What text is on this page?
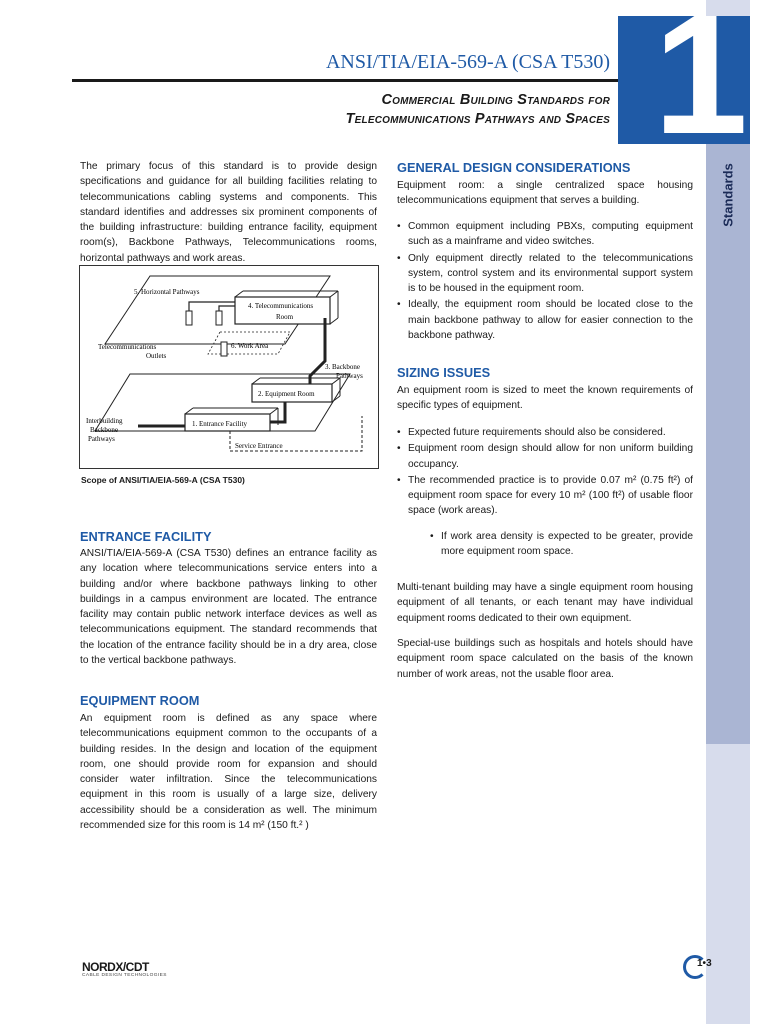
1
Standards
ANSI/TIA/EIA-569-A (CSA T530)
Commercial Building Standards for
Telecommunications Pathways and Spaces
The primary focus of this standard is to provide design specifications and guidance for all building facilities relating to telecommunications cabling systems and components. This standard identifies and addresses six prominent components of the building infrastructure: building entrance facility, equipment room(s), Backbone Pathways, Telecommunications rooms, horizontal pathways and work areas.
5. Horizontal Pathways
4. Telecommunications
Room
Telecommunications
Outlets
6. Work Area
3. Backbone
Pathways
2. Equipment Room
Interbuilding
Backbone
Pathways
1. Entrance Facility
Service Entrance
Scope of ANSI/TIA/EIA-569-A (CSA T530)
ENTRANCE FACILITY
ANSI/TIA/EIA-569-A (CSA T530) defines an entrance facility as any location where telecommunications service enters into a building and/or where backbone pathways linking to other buildings in a campus environment are located. The entrance facility may contain public network interface devices as well as telecommunications equipment. The standard recommends that the location of the entrance facility should be in a dry area, close to the vertical backbone pathways.
EQUIPMENT ROOM
An equipment room is defined as any space where telecommunications equipment common to the occupants of a building resides. In the design and location of the equipment room, one should provide room for expansion and should consider water infiltration. Since the telecommunications equipment in this room is usually of a large size, delivery accessibility should be a consideration as well. The minimum recommended size for this room is 14 m² (150 ft.² )
GENERAL DESIGN CONSIDERATIONS
Equipment room: a single centralized space housing telecommunications equipment that serves a building.
• Common equipment including PBXs, computing equipment such as a mainframe and video switches.
• Only equipment directly related to the telecommunications system, control system and its environmental support system is to be housed in the equipment room.
• Ideally, the equipment room should be located close to the main backbone pathway to allow for easier connection to the backbone pathway.
SIZING ISSUES
An equipment room is sized to meet the known requirements of specific types of equipment.
• Expected future requirements should also be considered.
• Equipment room design should allow for non uniform building occupancy.
• The recommended practice is to provide 0.07 m² (0.75 ft²) of equipment room space for every 10 m² (100 ft²) of usable floor space (work areas).
• If work area density is expected to be greater, provide more equipment room space.
Multi-tenant building may have a single equipment room housing equipment of all tenants, or each tenant may have individual equipment rooms dedicated to their own equipment.
Special-use buildings such as hospitals and hotels should have equipment room space calculated on the basis of the known number of work areas, not the usable floor area.
NORDX/CDT
CABLE DESIGN TECHNOLOGIES
1•3
